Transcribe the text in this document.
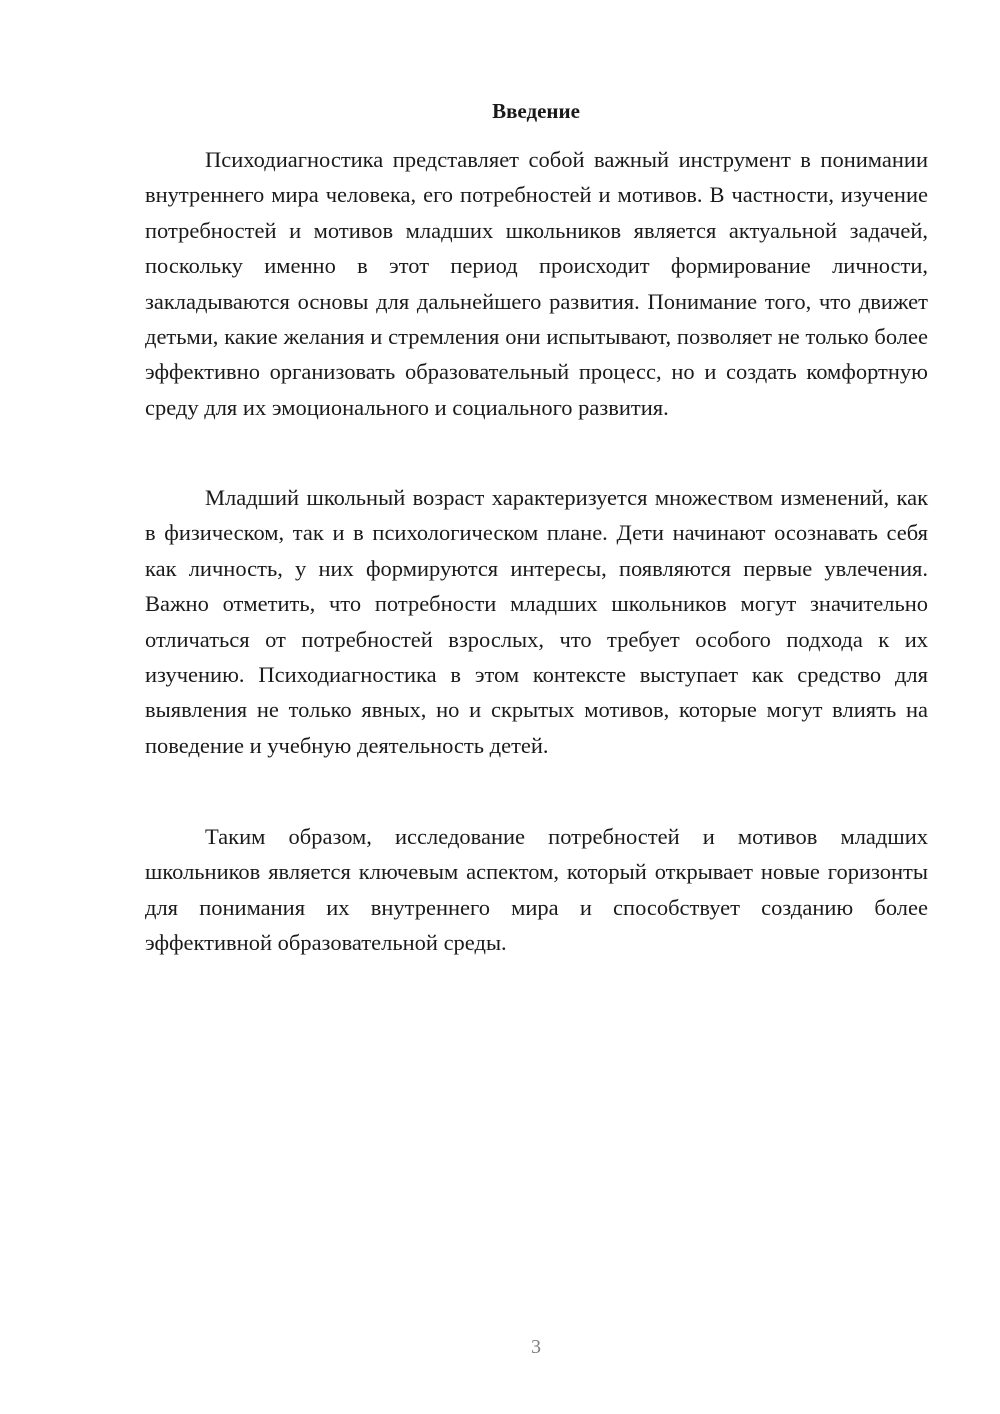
Введение

Психодиагностика представляет собой важный инструмент в понимании внутреннего мира человека, его потребностей и мотивов. В частности, изучение потребностей и мотивов младших школьников является актуальной задачей, поскольку именно в этот период происходит формирование личности, закладываются основы для дальнейшего развития. Понимание того, что движет детьми, какие желания и стремления они испытывают, позволяет не только более эффективно организовать образовательный процесс, но и создать комфортную среду для их эмоционального и социального развития.

Младший школьный возраст характеризуется множеством изменений, как в физическом, так и в психологическом плане. Дети начинают осознавать себя как личность, у них формируются интересы, появляются первые увлечения. Важно отметить, что потребности младших школьников могут значительно отличаться от потребностей взрослых, что требует особого подхода к их изучению. Психодиагностика в этом контексте выступает как средство для выявления не только явных, но и скрытых мотивов, которые могут влиять на поведение и учебную деятельность детей.

Таким образом, исследование потребностей и мотивов младших школьников является ключевым аспектом, который открывает новые горизонты для понимания их внутреннего мира и способствует созданию более эффективной образовательной среды.

3
